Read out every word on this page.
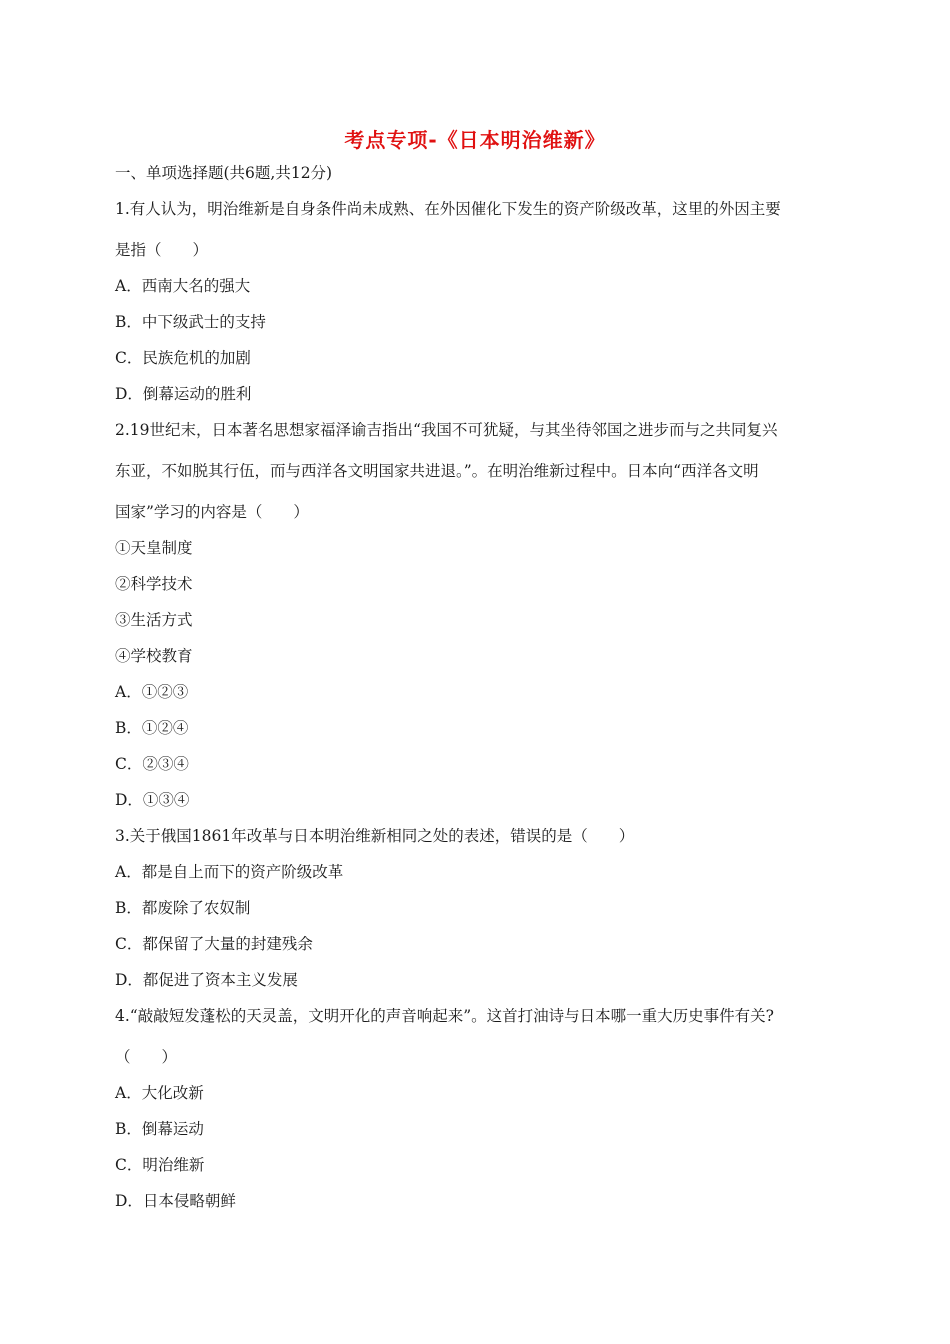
考点专项-《日本明治维新》
一、单项选择题(共6题,共12分)
1.有人认为，明治维新是自身条件尚未成熟、在外因催化下发生的资产阶级改革，这里的外因主要
是指（　　）
A．西南大名的强大
B．中下级武士的支持
C．民族危机的加剧
D．倒幕运动的胜利
2.19世纪末，日本著名思想家福泽谕吉指出“我国不可犹疑，与其坐待邻国之进步而与之共同复兴
东亚，不如脱其行伍，而与西洋各文明国家共进退。”。在明治维新过程中。日本向“西洋各文明
国家”学习的内容是（　　）
①天皇制度
②科学技术
③生活方式
④学校教育
A．①②③
B．①②④
C．②③④
D．①③④
3.关于俄国1861年改革与日本明治维新相同之处的表述，错误的是（　　）
A．都是自上而下的资产阶级改革
B．都废除了农奴制
C．都保留了大量的封建残余
D．都促进了资本主义发展
4.“敲敲短发蓬松的天灵盖，文明开化的声音响起来”。这首打油诗与日本哪一重大历史事件有关?
（　　）
A．大化改新
B．倒幕运动
C．明治维新
D．日本侵略朝鲜
